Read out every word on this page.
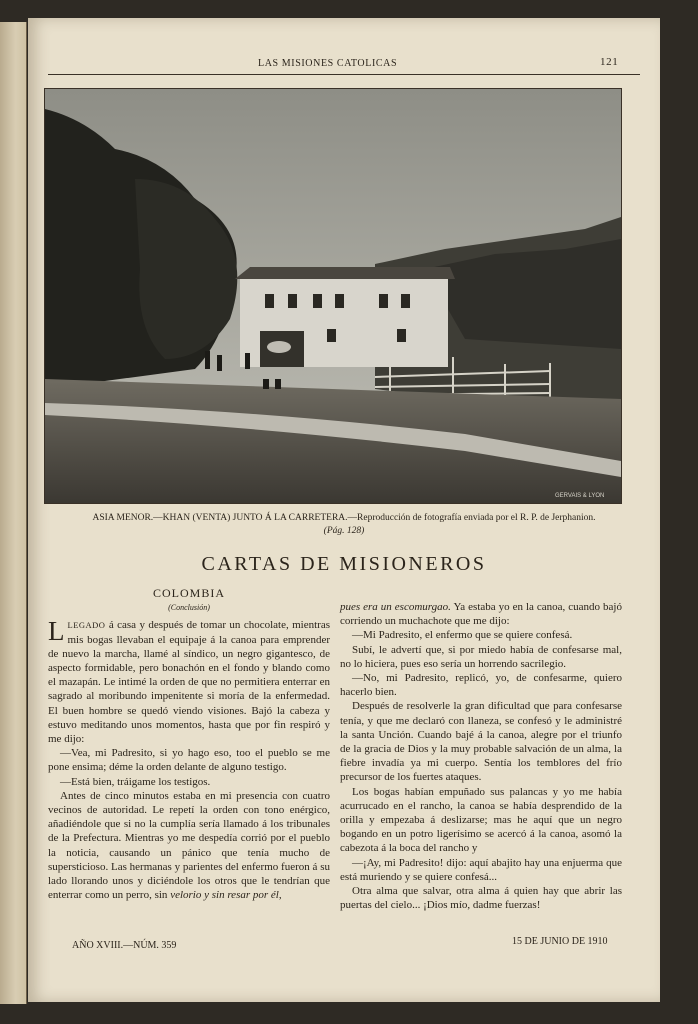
LAS MISIONES CATOLICAS	121
GERVAIS & LYON
ASIA MENOR.—KHAN (VENTA) JUNTO Á LA CARRETERA.—Reproducción de fotografía enviada por el R. P. de Jerphanion.
(Pág. 128)
CARTAS DE MISIONEROS
COLOMBIA
(Conclusión)

LLEGADO á casa y después de tomar un chocolate, mientras mis bogas llevaban el equipaje á la canoa para emprender de nuevo la marcha, llamé al síndico, un negro gigantesco, de aspecto formidable, pero bonachón en el fondo y blando como el mazapán. Le intimé la orden de que no permitiera enterrar en sagrado al moribundo impenitente si moría de la enfermedad. El buen hombre se quedó viendo visiones. Bajó la cabeza y estuvo meditando unos momentos, hasta que por fin respiró y me dijo:

—Vea, mi Padresito, si yo hago eso, too el pueblo se me pone ensima; déme la orden delante de alguno testigo.

—Está bien, tráigame los testigos.

Antes de cinco minutos estaba en mi presencia con cuatro vecinos de autoridad. Le repetí la orden con tono enérgico, añadiéndole que si no la cumplía sería llamado á los tribunales de la Prefectura. Mientras yo me despedía corrió por el pueblo la noticia, causando un pánico que tenía mucho de supersticioso. Las hermanas y parientes del enfermo fueron á su lado llorando unos y diciéndole los otros que le tendrían que enterrar como un perro, sin velorio y sin resar por él,

pues era un escomurgao. Ya estaba yo en la canoa, cuando bajó corriendo un muchachote que me dijo:

—Mi Padresito, el enfermo que se quiere confesá.

Subí, le advertí que, si por miedo había de confesarse mal, no lo hiciera, pues eso sería un horrendo sacrilegio.

—No, mi Padresito, replicó, yo, de confesarme, quiero hacerlo bien.

Después de resolverle la gran dificultad que para confesarse tenía, y que me declaró con llaneza, se confesó y le administré la santa Unción. Cuando bajé á la canoa, alegre por el triunfo de la gracia de Dios y la muy probable salvación de un alma, la fiebre invadía ya mi cuerpo. Sentía los temblores del frío precursor de los fuertes ataques.

Los bogas habían empuñado sus palancas y yo me había acurrucado en el rancho, la canoa se había desprendido de la orilla y empezaba á deslizarse; mas he aquí que un negro bogando en un potro ligerísimo se acercó á la canoa, asomó la cabezota á la boca del rancho y

—¡Ay, mi Padresito! dijo: aquí abajito hay una enjuerma que está muriendo y se quiere confesá...

Otra alma que salvar, otra alma á quien hay que abrir las puertas del cielo... ¡Dios mío, dadme fuerzas!

AÑO XVIII.—NÚM. 359	15 DE JUNIO DE 1910
